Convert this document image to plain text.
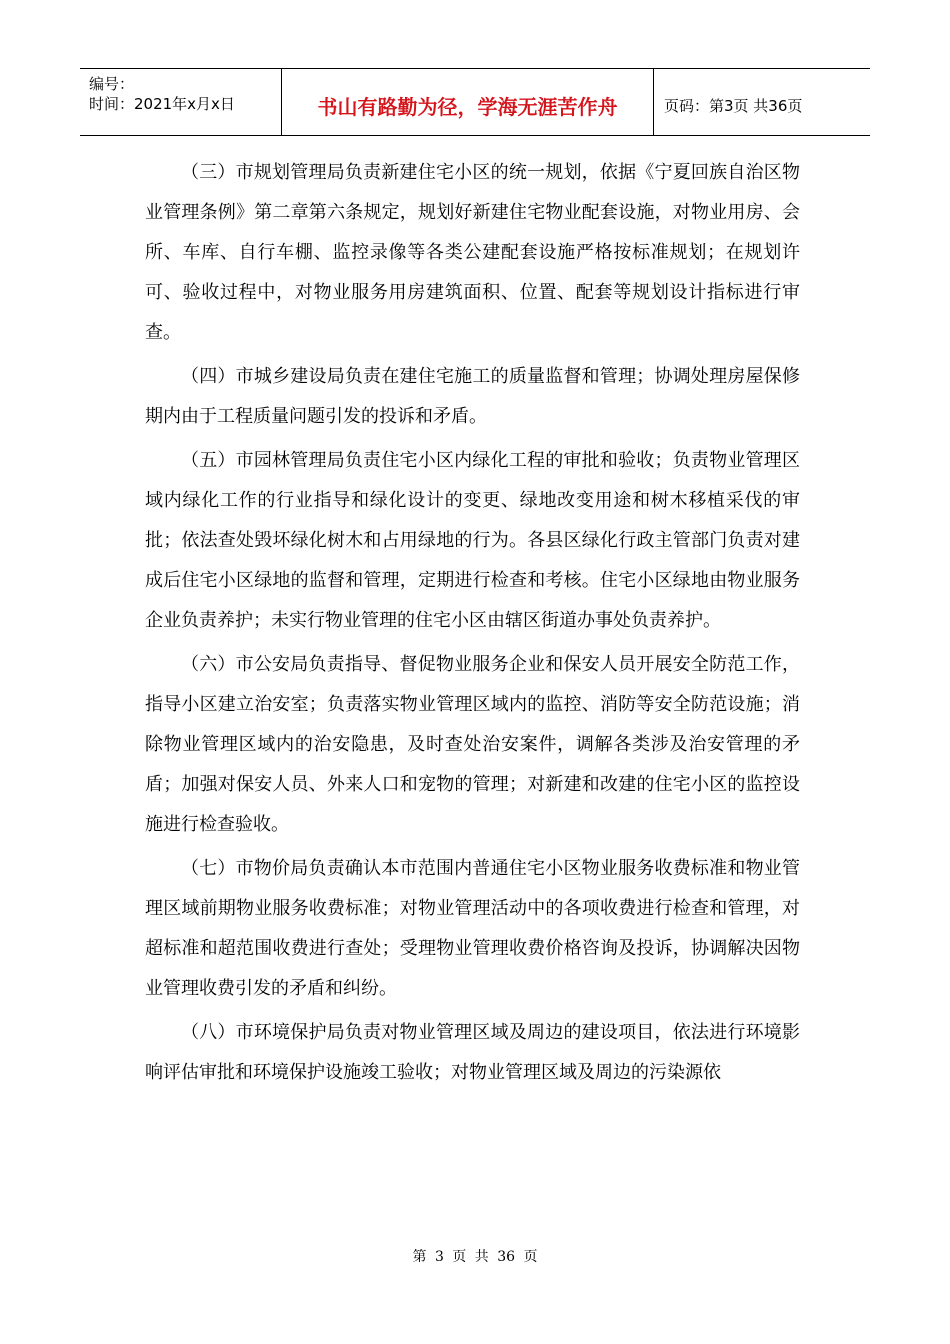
编号：
时间：2021年x月x日	书山有路勤为径，学海无涯苦作舟	页码：第3页 共36页

（三）市规划管理局负责新建住宅小区的统一规划，依据《宁夏回族自治区物业管理条例》第二章第六条规定，规划好新建住宅物业配套设施，对物业用房、会所、车库、自行车棚、监控录像等各类公建配套设施严格按标准规划；在规划许可、验收过程中，对物业服务用房建筑面积、位置、配套等规划设计指标进行审查。

（四）市城乡建设局负责在建住宅施工的质量监督和管理；协调处理房屋保修期内由于工程质量问题引发的投诉和矛盾。

（五）市园林管理局负责住宅小区内绿化工程的审批和验收；负责物业管理区域内绿化工作的行业指导和绿化设计的变更、绿地改变用途和树木移植采伐的审批；依法查处毁坏绿化树木和占用绿地的行为。各县区绿化行政主管部门负责对建成后住宅小区绿地的监督和管理，定期进行检查和考核。住宅小区绿地由物业服务企业负责养护；未实行物业管理的住宅小区由辖区街道办事处负责养护。

（六）市公安局负责指导、督促物业服务企业和保安人员开展安全防范工作，指导小区建立治安室；负责落实物业管理区域内的监控、消防等安全防范设施；消除物业管理区域内的治安隐患，及时查处治安案件，调解各类涉及治安管理的矛盾；加强对保安人员、外来人口和宠物的管理；对新建和改建的住宅小区的监控设施进行检查验收。

（七）市物价局负责确认本市范围内普通住宅小区物业服务收费标准和物业管理区域前期物业服务收费标准；对物业管理活动中的各项收费进行检查和管理，对超标准和超范围收费进行查处；受理物业管理收费价格咨询及投诉，协调解决因物业管理收费引发的矛盾和纠纷。

（八）市环境保护局负责对物业管理区域及周边的建设项目，依法进行环境影响评估审批和环境保护设施竣工验收；对物业管理区域及周边的污染源依

第 3 页 共 36 页
